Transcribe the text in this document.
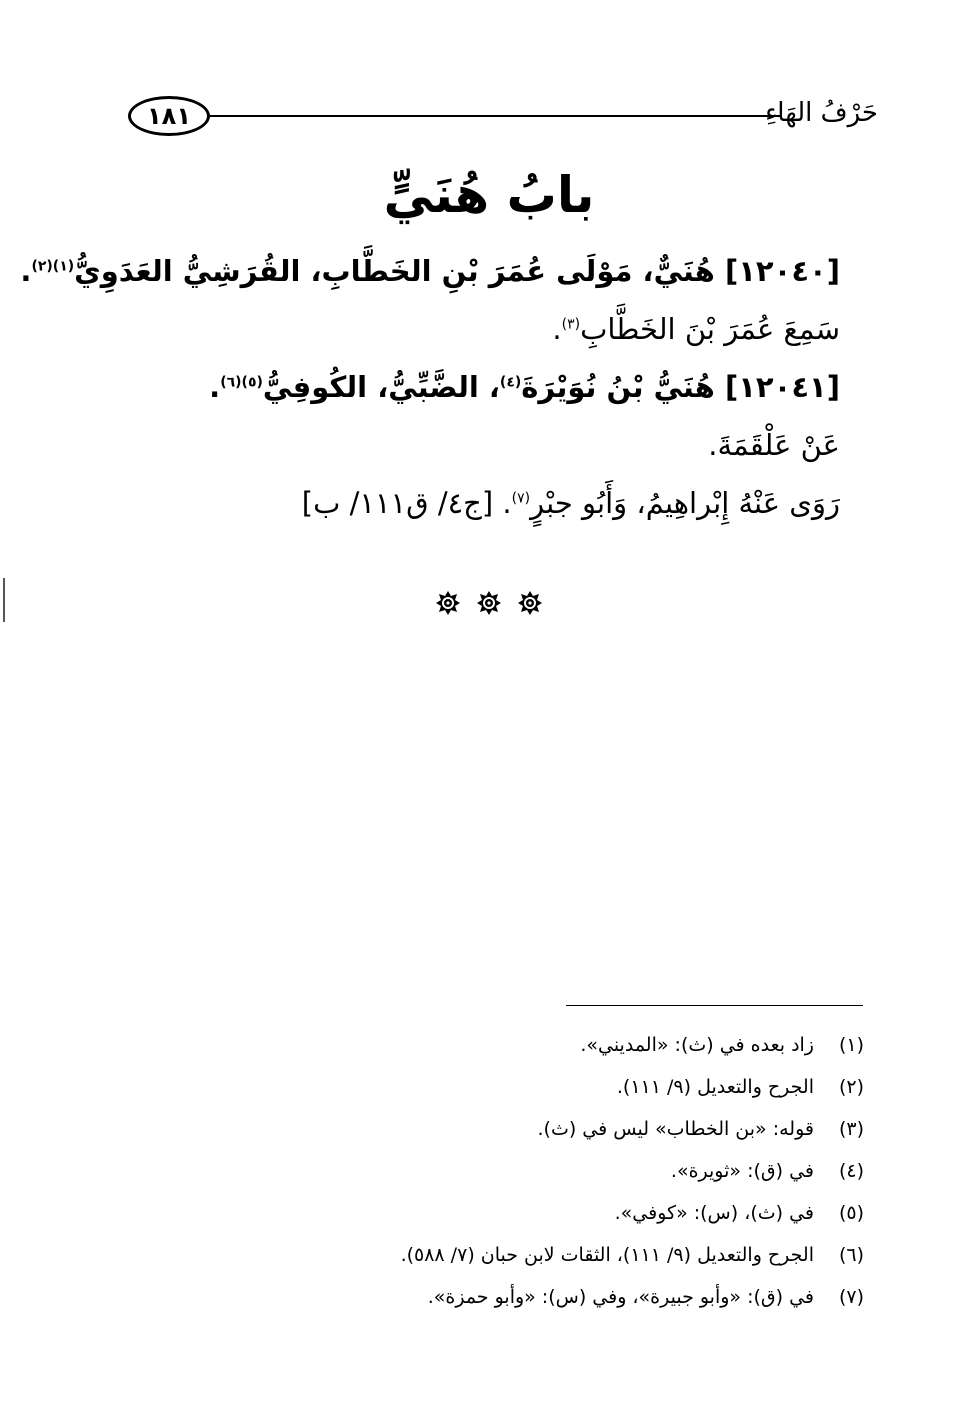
١٨١	حَرْفُ الهَاءِ
بابُ هُنَيٍّ
[١٢٠٤٠] هُنَيٌّ، مَوْلَى عُمَرَ بْنِ الخَطَّابِ، القُرَشِيُّ العَدَوِيُّ$^{(١)(٢)}$.
سَمِعَ عُمَرَ بْنَ الخَطَّابِ$^{(٣)}$.
[١٢٠٤١] هُنَيُّ بْنُ نُوَيْرَةَ$^{(٤)}$، الضَّبِّيُّ، الكُوفِيُّ$^{(٥)(٦)}$.
عَنْ عَلْقَمَةَ.
رَوَى عَنْهُ إِبْراهِيمُ، وَأَبُو جبْرٍ$^{(٧)}$. [ج٤/ ق١١١/ ب]

(١)زاد بعده في (ث): «المديني».
(٢)الجرح والتعديل (٩/ ١١١).
(٣)قوله: «بن الخطاب» ليس في (ث).
(٤)في (ق): «ثويرة».
(٥)في (ث)، (س): «كوفي».
(٦)الجرح والتعديل (٩/ ١١١)، الثقات لابن حبان (٧/ ٥٨٨).
(٧)في (ق): «وأبو جبيرة»، وفي (س): «وأبو حمزة».
